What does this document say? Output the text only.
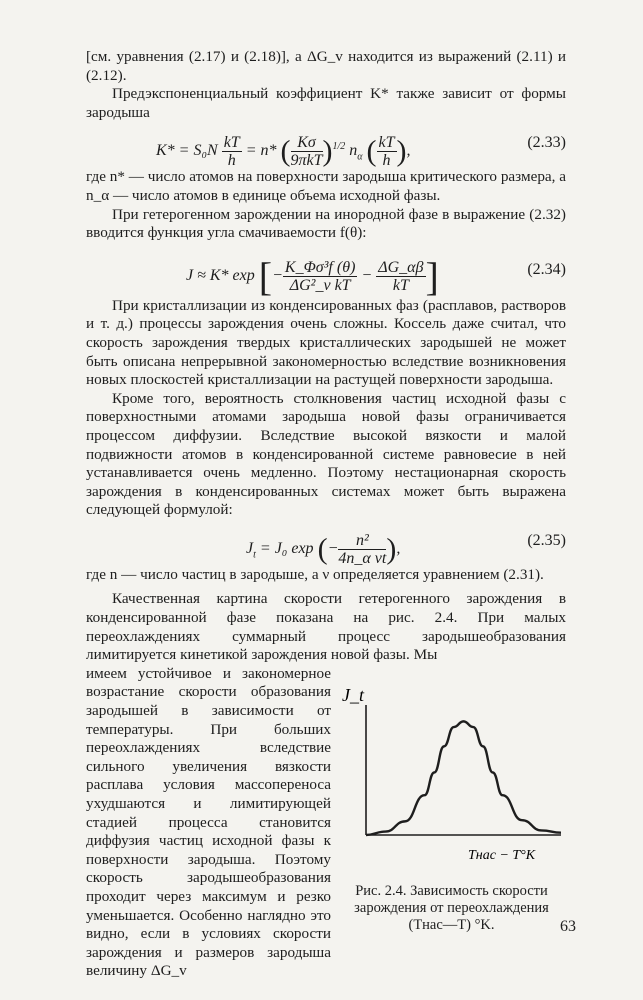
[см. уравнения (2.17) и (2.18)], а ΔG_v находится из выражений (2.11) и (2.12).

Предэкспоненциальный коэффициент K* также зависит от формы зародыша

$K* = S_0N \frac{kT}{h} = n*$ ( $\frac{K\sigma}{\text{9πkT}} )^{1/2}$ $n_\alpha$ ( $\frac{kT}{h}$ ),	(2.33)

где n* — число атомов на поверхности зародыша критического размера, а n_α — число атомов в единице объема исходной фазы.

При гетерогенном зарождении на инородной фазе в выражение (2.32) вводится функция угла смачиваемости f(θ):

J ≈ K* exp [− $\frac{\text{K\_Φσ³f (θ)}}{\text{ΔG²\_v kT}} - \frac{\Delta G\_\alpha\beta}{kT}$ ]	(2.34)

При кристаллизации из конденсированных фаз (расплавов, растворов и т. д.) процессы зарождения очень сложны. Коссель даже считал, что скорость зарождения твердых кристаллических зародышей не может быть описана непрерывной закономерностью вследствие возникновения новых плоскостей кристаллизации на растущей поверхности зародыша.

Кроме того, вероятность столкновения частиц исходной фазы с поверхностными атомами зародыша новой фазы ограничивается процессом диффузии. Вследствие высокой вязкости и малой подвижности атомов в конденсированной системе равновесие в ней устанавливается очень медленно. Поэтому нестационарная скорость зарождения в конденсированных системах может быть выражена следующей формулой:

$J_t = J_0$ exp (− $\frac{\text{n²}}{\text{4n\_α νt}}$ ),	(2.35)

где n — число частиц в зародыше, а ν определяется уравнением (2.31).

Качественная картина скорости гетерогенного зарождения в конденсированной фазе показана на рис. 2.4. При малых переохлаждениях суммарный процесс зародышеобразования лимитируется кинетикой зарождения новой фазы. Мы

имеем устойчивое и закономерное возрастание скорости образования зародышей в зависимости от температуры. При больших переохлаждениях вследствие сильного увеличения вязкости расплава условия массопереноса ухудшаются и лимитирующей стадией процесса становится диффузия частиц исходной фазы к поверхности зародыша. Поэтому скорость зародышеобразования проходит через максимум и резко уменьшается. Особенно наглядно это видно, если в условиях скорости зарождения и размеров зародыша величину ΔG_v

J_t
Tнас − T°K
Рис. 2.4. Зависимость скорости зарождения от переохлаждения (Tнас—T) °K.	63
